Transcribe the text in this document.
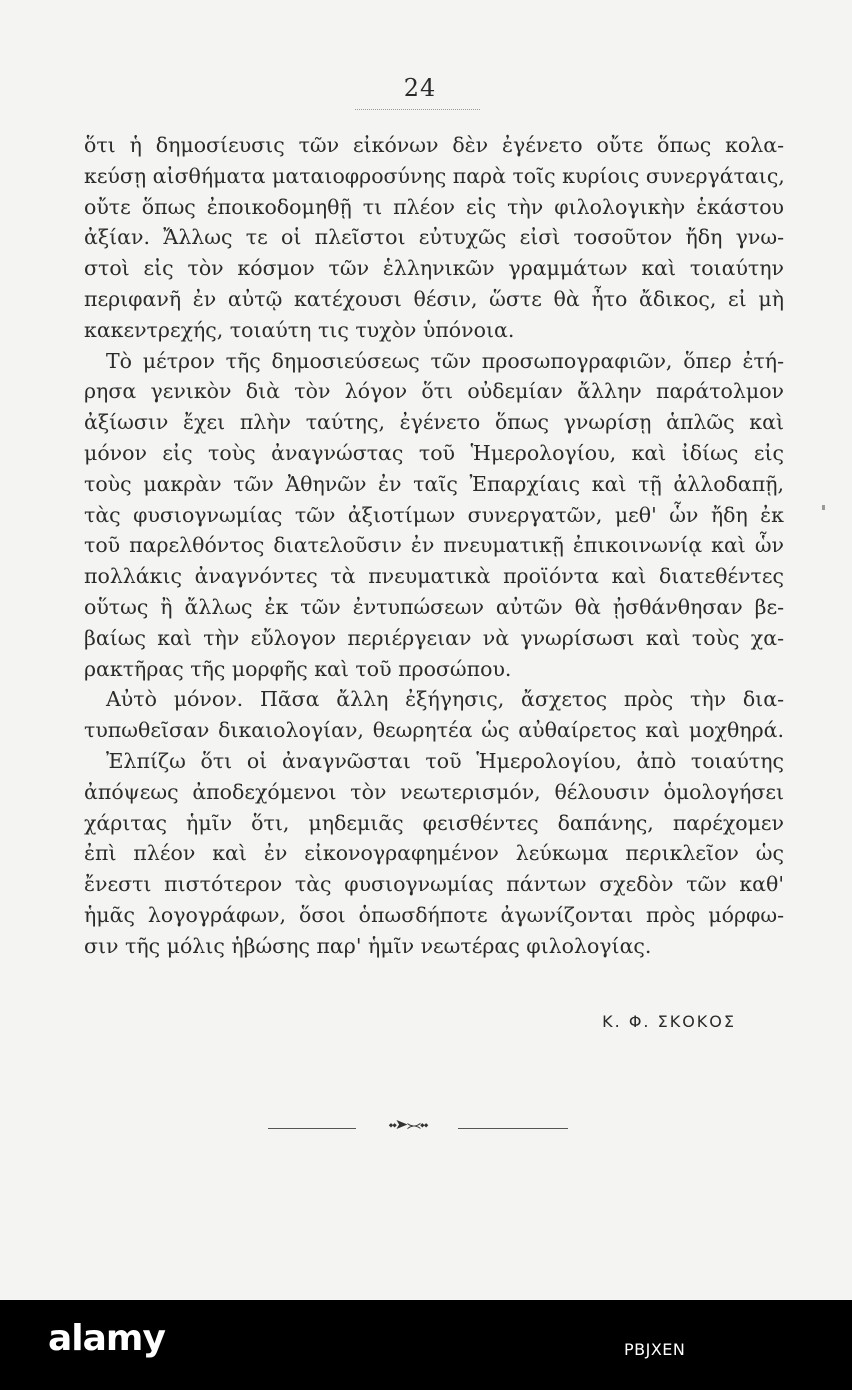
24
ὅτι ἡ δημοσίευσις τῶν εἰκόνων δὲν ἐγένετο οὔτε ὅπως κολα-
κεύσῃ αἰσθήματα ματαιοφροσύνης παρὰ τοῖς κυρίοις συνεργάταις,
οὔτε ὅπως ἐποικοδομηθῇ τι πλέον εἰς τὴν φιλολογικὴν ἑκάστου
ἀξίαν. Ἄλλως τε οἱ πλεῖστοι εὐτυχῶς εἰσὶ τοσοῦτον ἤδη γνω-
στοὶ εἰς τὸν κόσμον τῶν ἑλληνικῶν γραμμάτων καὶ τοιαύτην
περιφανῆ ἐν αὐτῷ κατέχουσι θέσιν, ὥστε θὰ ἦτο ἄδικος, εἰ μὴ
κακεντρεχής, τοιαύτη τις τυχὸν ὑπόνοια.
Τὸ μέτρον τῆς δημοσιεύσεως τῶν προσωπογραφιῶν, ὅπερ ἐτή-
ρησα γενικὸν διὰ τὸν λόγον ὅτι οὐδεμίαν ἄλλην παράτολμον
ἀξίωσιν ἔχει πλὴν ταύτης, ἐγένετο ὅπως γνωρίσῃ ἁπλῶς καὶ
μόνον εἰς τοὺς ἀναγνώστας τοῦ Ἡμερολογίου, καὶ ἰδίως εἰς
τοὺς μακρὰν τῶν Ἀθηνῶν ἐν ταῖς Ἐπαρχίαις καὶ τῇ ἀλλοδαπῇ,
τὰς φυσιογνωμίας τῶν ἀξιοτίμων συνεργατῶν, μεθ' ὧν ἤδη ἐκ
τοῦ παρελθόντος διατελοῦσιν ἐν πνευματικῇ ἐπικοινωνίᾳ καὶ ὧν
πολλάκις ἀναγνόντες τὰ πνευματικὰ προϊόντα καὶ διατεθέντες
οὕτως ἢ ἄλλως ἐκ τῶν ἐντυπώσεων αὐτῶν θὰ ᾐσθάνθησαν βε-
βαίως καὶ τὴν εὔλογον περιέργειαν νὰ γνωρίσωσι καὶ τοὺς χα-
ρακτῆρας τῆς μορφῆς καὶ τοῦ προσώπου.
Αὐτὸ μόνον. Πᾶσα ἄλλη ἐξήγησις, ἄσχετος πρὸς τὴν δια-
τυπωθεῖσαν δικαιολογίαν, θεωρητέα ὡς αὐθαίρετος καὶ μοχθηρά.
Ἐλπίζω ὅτι οἱ ἀναγνῶσται τοῦ Ἡμερολογίου, ἀπὸ τοιαύτης
ἀπόψεως ἀποδεχόμενοι τὸν νεωτερισμόν, θέλουσιν ὁμολογήσει
χάριτας ἡμῖν ὅτι, μηδεμιᾶς φεισθέντες δαπάνης, παρέχομεν
ἐπὶ πλέον καὶ ἐν εἰκονογραφημένον λεύκωμα περικλεῖον ὡς
ἔνεστι πιστότερον τὰς φυσιογνωμίας πάντων σχεδὸν τῶν καθ'
ἡμᾶς λογογράφων, ὅσοι ὁπωσδήποτε ἀγωνίζονται πρὸς μόρφω-
σιν τῆς μόλις ἡβώσης παρ' ἡμῖν νεωτέρας φιλολογίας.
Κ. Φ. ΣΚΟΚΟΣ
⬩⬩➤≻≺⬩⬩
alamy	PBJXEN
